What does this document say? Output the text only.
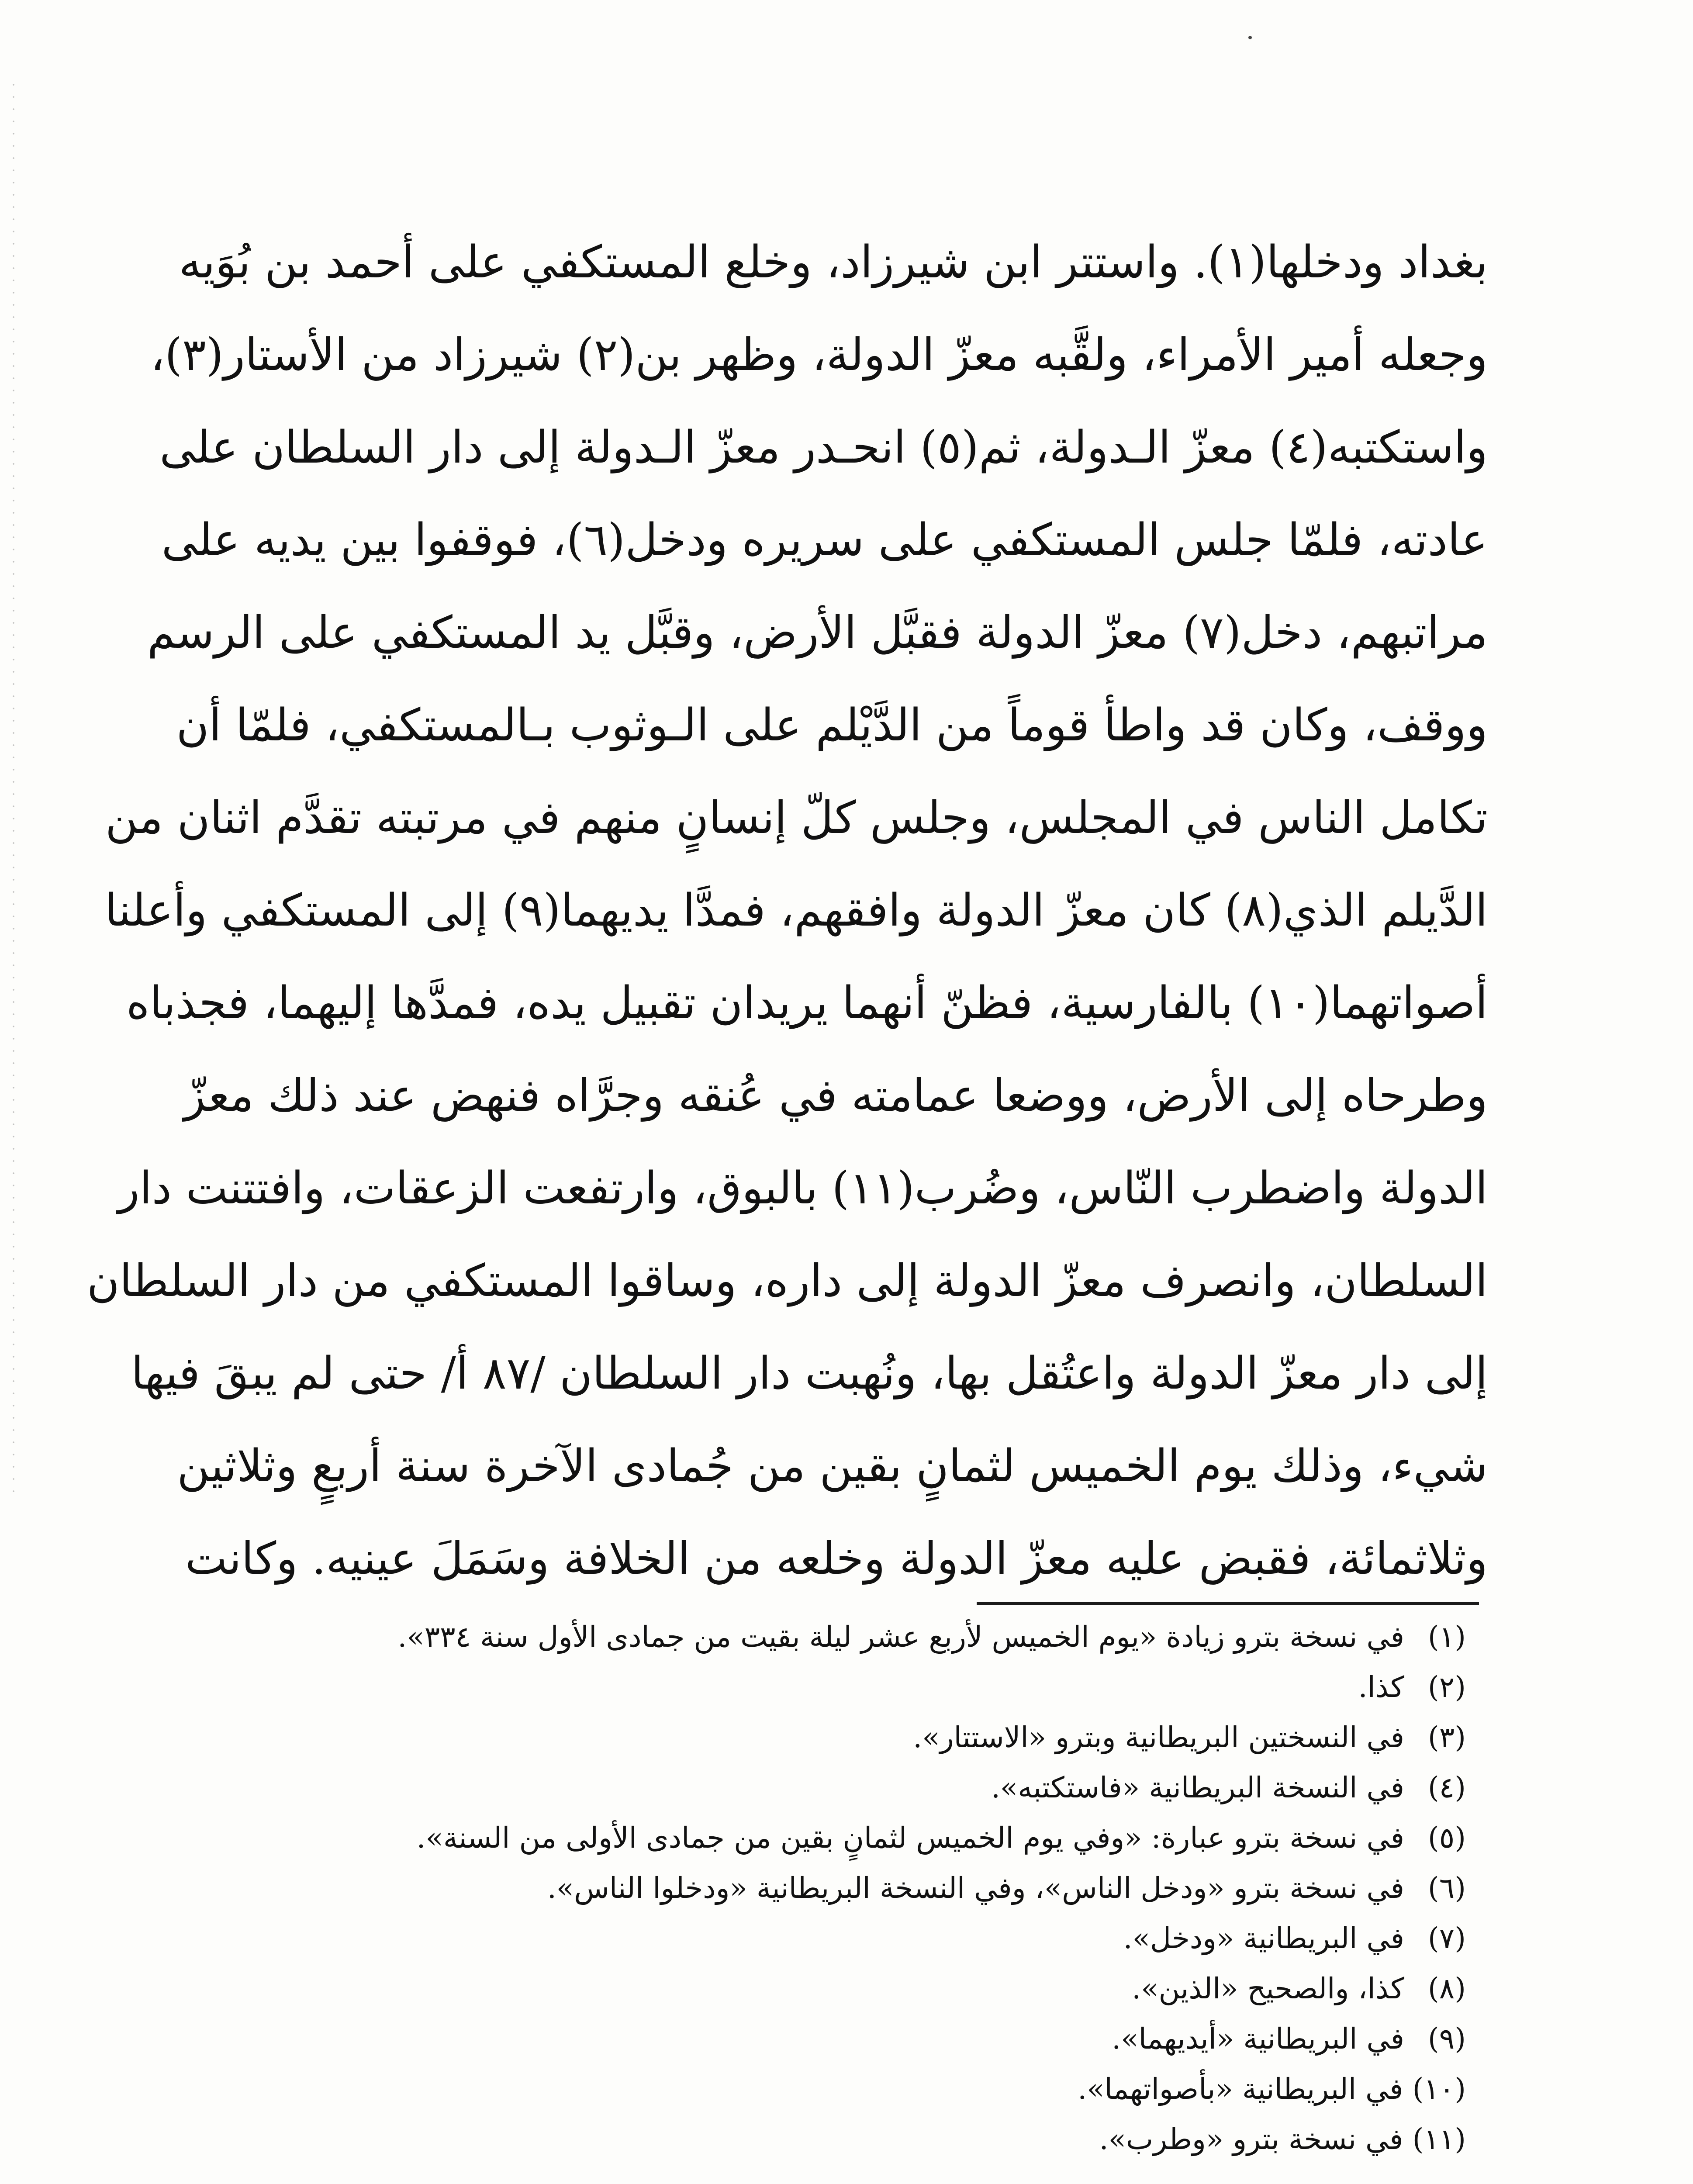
بغداد ودخلها(١). واستتر ابن شيرزاد، وخلع المستكفي على أحمد بن بُوَيه
وجعله أمير الأمراء، ولقَّبه معزّ الدولة، وظهر بن(٢) شيرزاد من الأستار(٣)،
واستكتبه(٤) معزّ الـدولة، ثم(٥) انحـدر معزّ الـدولة إلى دار السلطان على
عادته، فلمّا جلس المستكفي على سريره ودخل(٦)، فوقفوا بين يديه على
مراتبهم، دخل(٧) معزّ الدولة فقبَّل الأرض، وقبَّل يد المستكفي على الرسم
ووقف، وكان قد واطأ قوماً من الدَّيْلم على الـوثوب بـالمستكفي، فلمّا أن
تكامل الناس في المجلس، وجلس كلّ إنسانٍ منهم في مرتبته تقدَّم اثنان من
الدَّيلم الذي(٨) كان معزّ الدولة وافقهم، فمدَّا يديهما(٩) إلى المستكفي وأعلنا
أصواتهما(١٠) بالفارسية، فظنّ أنهما يريدان تقبيل يده، فمدَّها إليهما، فجذباه
وطرحاه إلى الأرض، ووضعا عمامته في عُنقه وجرَّاه فنهض عند ذلك معزّ
الدولة واضطرب النّاس، وضُرب(١١) بالبوق، وارتفعت الزعقات، وافتتنت دار
السلطان، وانصرف معزّ الدولة إلى داره، وساقوا المستكفي من دار السلطان
إلى دار معزّ الدولة واعتُقل بها، ونُهبت دار السلطان /٨٧ أ/ حتى لم يبقَ فيها
شيء، وذلك يوم الخميس لثمانٍ بقين من جُمادى الآخرة سنة أربعٍ وثلاثين
وثلاثمائة، فقبض عليه معزّ الدولة وخلعه من الخلافة وسَمَلَ عينيه. وكانت
(١) في نسخة بترو زيادة «يوم الخميس لأربع عشر ليلة بقيت من جمادى الأول سنة ٣٣٤».
(٢) كذا.
(٣) في النسختين البريطانية وبترو «الاستتار».
(٤) في النسخة البريطانية «فاستكتبه».
(٥) في نسخة بترو عبارة: «وفي يوم الخميس لثمانٍ بقين من جمادى الأولى من السنة».
(٦) في نسخة بترو «ودخل الناس»، وفي النسخة البريطانية «ودخلوا الناس».
(٧) في البريطانية «ودخل».
(٨) كذا، والصحيح «الذين».
(٩) في البريطانية «أيديهما».
(١٠) في البريطانية «بأصواتهما».
(١١) في نسخة بترو «وطرب».
